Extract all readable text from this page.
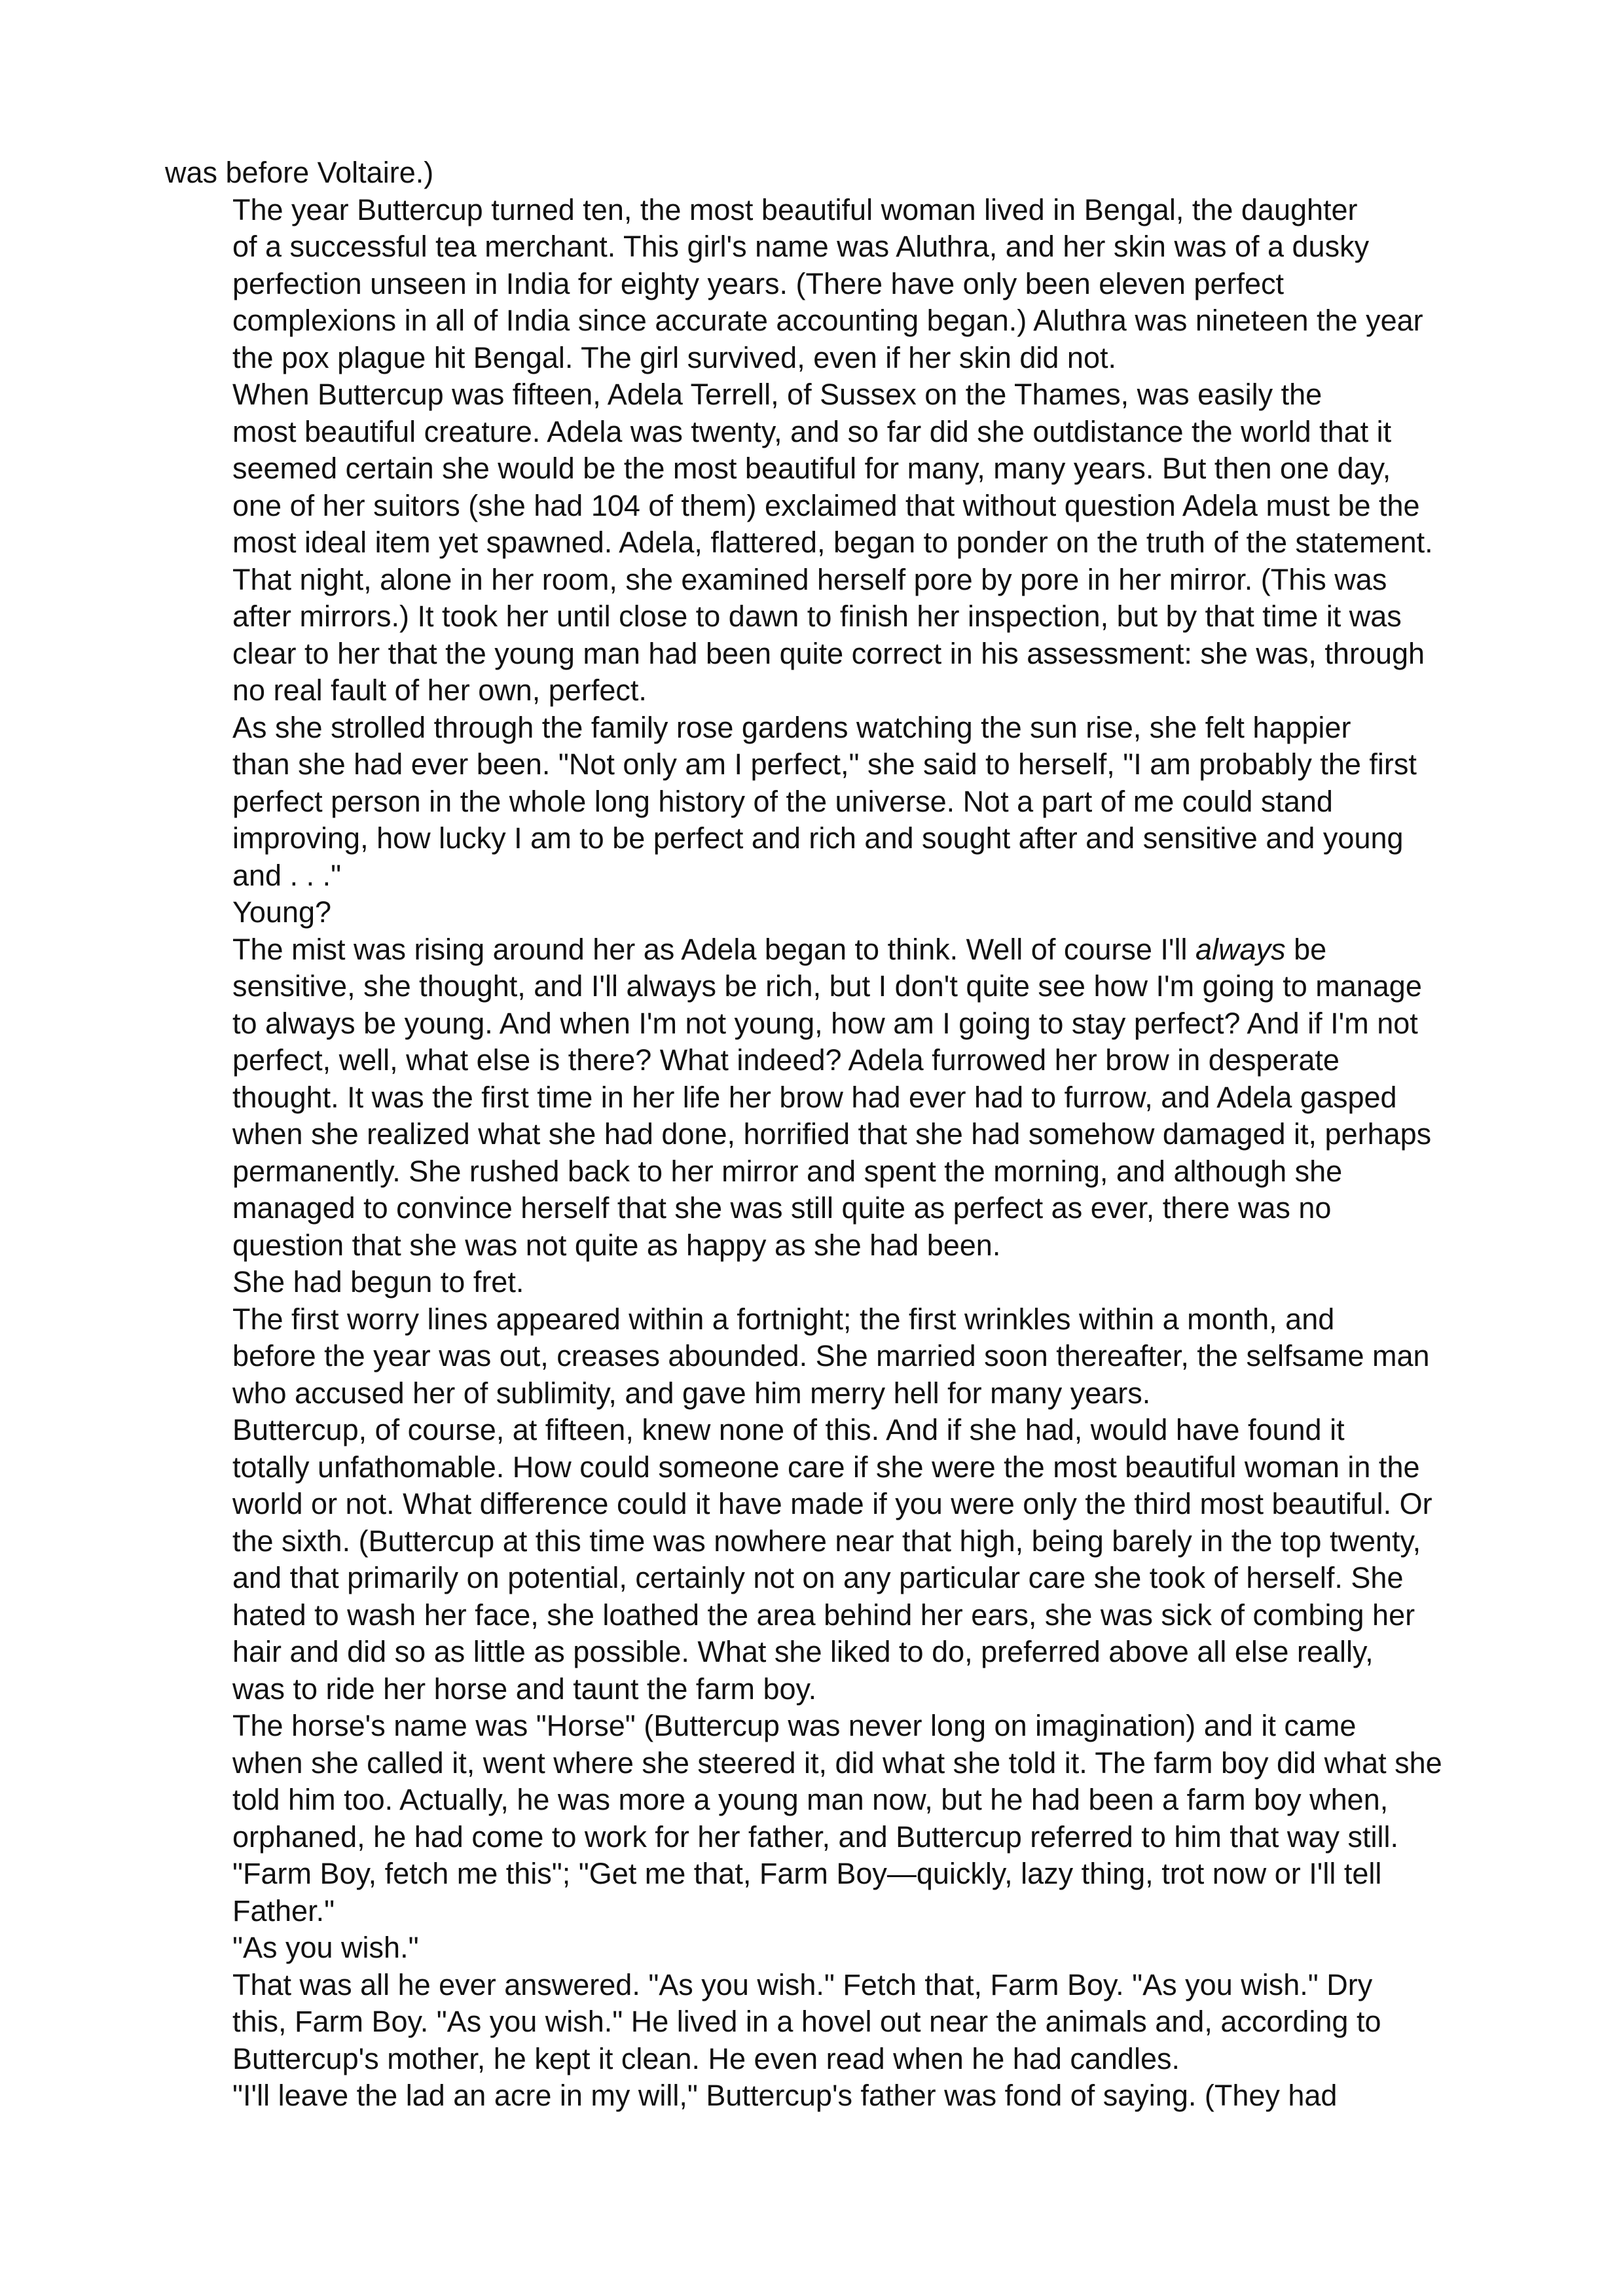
was before Voltaire.)

The year Buttercup turned ten, the most beautiful woman lived in Bengal, the daughter
of a successful tea merchant. This girl's name was Aluthra, and her skin was of a dusky
perfection unseen in India for eighty years. (There have only been eleven perfect
complexions in all of India since accurate accounting began.) Aluthra was nineteen the year
the pox plague hit Bengal. The girl survived, even if her skin did not.

When Buttercup was fifteen, Adela Terrell, of Sussex on the Thames, was easily the
most beautiful creature. Adela was twenty, and so far did she outdistance the world that it
seemed certain she would be the most beautiful for many, many years. But then one day,
one of her suitors (she had 104 of them) exclaimed that without question Adela must be the
most ideal item yet spawned. Adela, flattered, began to ponder on the truth of the statement.
That night, alone in her room, she examined herself pore by pore in her mirror. (This was
after mirrors.) It took her until close to dawn to finish her inspection, but by that time it was
clear to her that the young man had been quite correct in his assessment: she was, through
no real fault of her own, perfect.

As she strolled through the family rose gardens watching the sun rise, she felt happier
than she had ever been. "Not only am I perfect," she said to herself, "I am probably the first
perfect person in the whole long history of the universe. Not a part of me could stand
improving, how lucky I am to be perfect and rich and sought after and sensitive and young
and . . ."

Young?

The mist was rising around her as Adela began to think. Well of course I'll always be
sensitive, she thought, and I'll always be rich, but I don't quite see how I'm going to manage
to always be young. And when I'm not young, how am I going to stay perfect? And if I'm not
perfect, well, what else is there? What indeed? Adela furrowed her brow in desperate
thought. It was the first time in her life her brow had ever had to furrow, and Adela gasped
when she realized what she had done, horrified that she had somehow damaged it, perhaps
permanently. She rushed back to her mirror and spent the morning, and although she
managed to convince herself that she was still quite as perfect as ever, there was no
question that she was not quite as happy as she had been.

She had begun to fret.

The first worry lines appeared within a fortnight; the first wrinkles within a month, and
before the year was out, creases abounded. She married soon thereafter, the selfsame man
who accused her of sublimity, and gave him merry hell for many years.

Buttercup, of course, at fifteen, knew none of this. And if she had, would have found it
totally unfathomable. How could someone care if she were the most beautiful woman in the
world or not. What difference could it have made if you were only the third most beautiful. Or
the sixth. (Buttercup at this time was nowhere near that high, being barely in the top twenty,
and that primarily on potential, certainly not on any particular care she took of herself. She
hated to wash her face, she loathed the area behind her ears, she was sick of combing her
hair and did so as little as possible. What she liked to do, preferred above all else really,
was to ride her horse and taunt the farm boy.

The horse's name was "Horse" (Buttercup was never long on imagination) and it came
when she called it, went where she steered it, did what she told it. The farm boy did what she
told him too. Actually, he was more a young man now, but he had been a farm boy when,
orphaned, he had come to work for her father, and Buttercup referred to him that way still.
"Farm Boy, fetch me this"; "Get me that, Farm Boy—quickly, lazy thing, trot now or I'll tell
Father."

"As you wish."

That was all he ever answered. "As you wish." Fetch that, Farm Boy. "As you wish." Dry
this, Farm Boy. "As you wish." He lived in a hovel out near the animals and, according to
Buttercup's mother, he kept it clean. He even read when he had candles.

"I'll leave the lad an acre in my will," Buttercup's father was fond of saying. (They had
